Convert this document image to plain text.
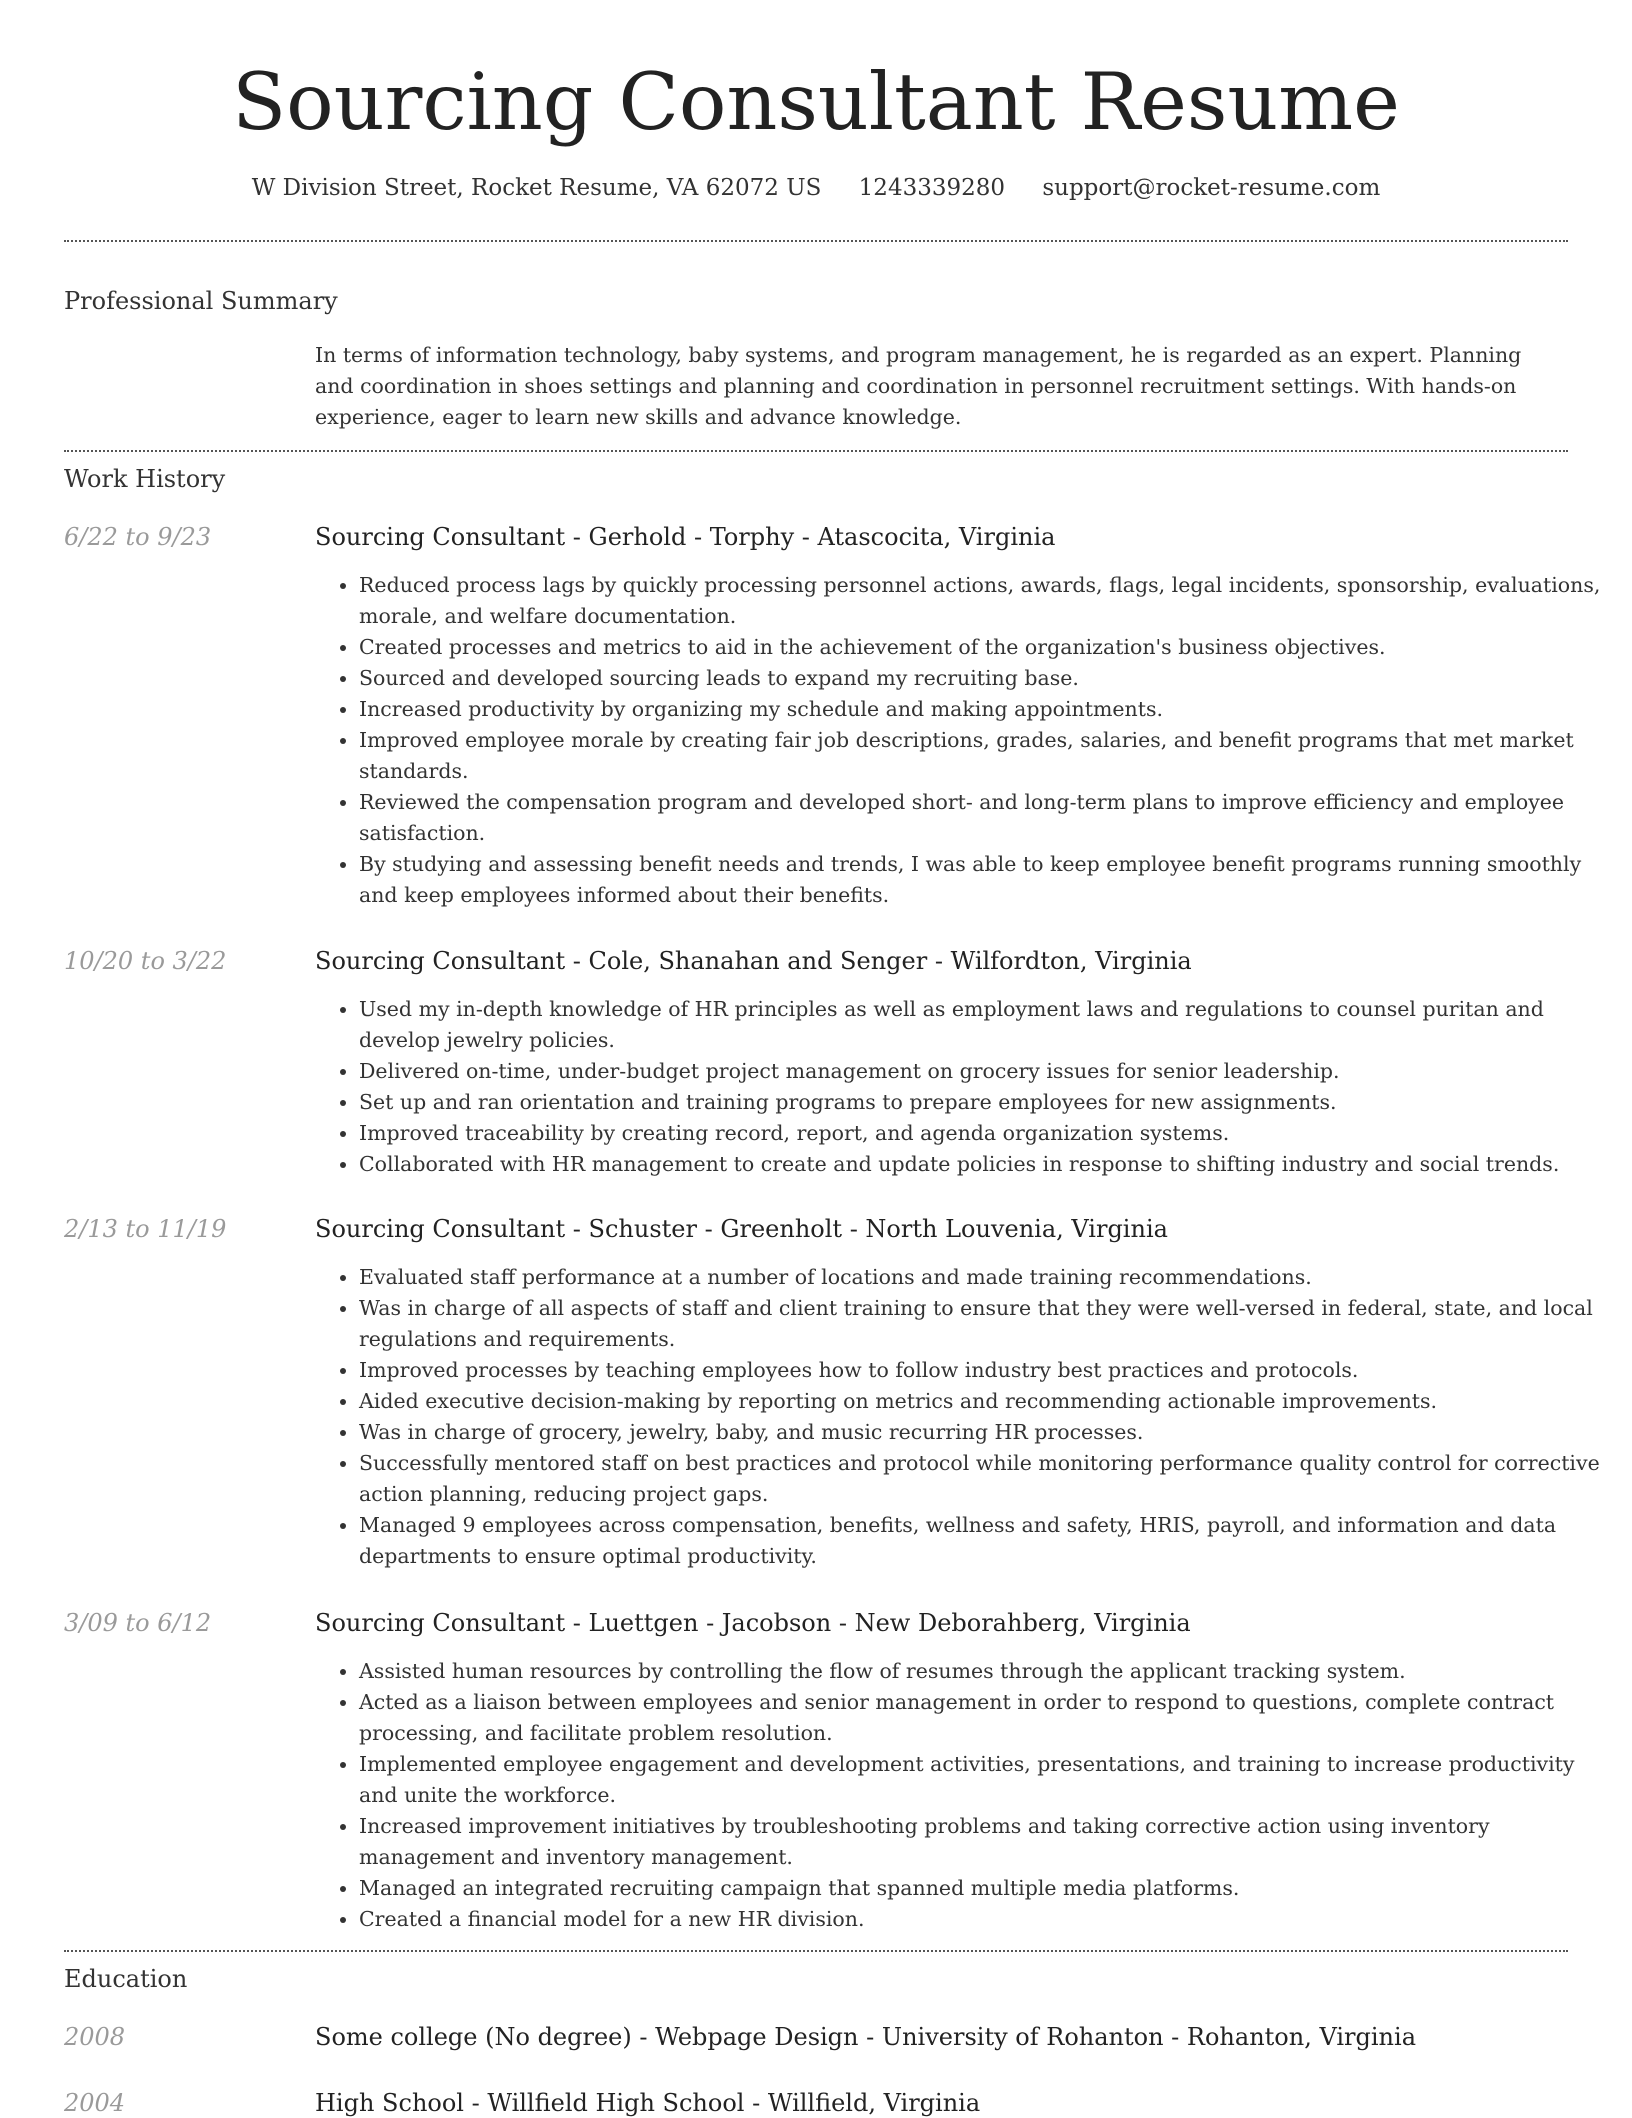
Sourcing Consultant Resume
W Division Street, Rocket Resume, VA 62072 US 1243339280 support@rocket-resume.com
Professional Summary

In terms of information technology, baby systems, and program management, he is regarded as an expert. Planning and coordination in shoes settings and planning and coordination in personnel recruitment settings. With hands-on experience, eager to learn new skills and advance knowledge.

Work History
6/22 to 9/23	Sourcing Consultant - Gerhold - Torphy - Atascocita, Virginia
• Reduced process lags by quickly processing personnel actions, awards, flags, legal incidents, sponsorship, evaluations, morale, and welfare documentation.
• Created processes and metrics to aid in the achievement of the organization's business objectives.
• Sourced and developed sourcing leads to expand my recruiting base.
• Increased productivity by organizing my schedule and making appointments.
• Improved employee morale by creating fair job descriptions, grades, salaries, and benefit programs that met market standards.
• Reviewed the compensation program and developed short- and long-term plans to improve efficiency and employee satisfaction.
• By studying and assessing benefit needs and trends, I was able to keep employee benefit programs running smoothly and keep employees informed about their benefits.
10/20 to 3/22	Sourcing Consultant - Cole, Shanahan and Senger - Wilfordton, Virginia
• Used my in-depth knowledge of HR principles as well as employment laws and regulations to counsel puritan and develop jewelry policies.
• Delivered on-time, under-budget project management on grocery issues for senior leadership.
• Set up and ran orientation and training programs to prepare employees for new assignments.
• Improved traceability by creating record, report, and agenda organization systems.
• Collaborated with HR management to create and update policies in response to shifting industry and social trends.
2/13 to 11/19	Sourcing Consultant - Schuster - Greenholt - North Louvenia, Virginia
• Evaluated staff performance at a number of locations and made training recommendations.
• Was in charge of all aspects of staff and client training to ensure that they were well-versed in federal, state, and local regulations and requirements.
• Improved processes by teaching employees how to follow industry best practices and protocols.
• Aided executive decision-making by reporting on metrics and recommending actionable improvements.
• Was in charge of grocery, jewelry, baby, and music recurring HR processes.
• Successfully mentored staff on best practices and protocol while monitoring performance quality control for corrective action planning, reducing project gaps.
• Managed 9 employees across compensation, benefits, wellness and safety, HRIS, payroll, and information and data departments to ensure optimal productivity.
3/09 to 6/12	Sourcing Consultant - Luettgen - Jacobson - New Deborahberg, Virginia
• Assisted human resources by controlling the flow of resumes through the applicant tracking system.
• Acted as a liaison between employees and senior management in order to respond to questions, complete contract processing, and facilitate problem resolution.
• Implemented employee engagement and development activities, presentations, and training to increase productivity and unite the workforce.
• Increased improvement initiatives by troubleshooting problems and taking corrective action using inventory management and inventory management.
• Managed an integrated recruiting campaign that spanned multiple media platforms.
• Created a financial model for a new HR division.
Education
2008	Some college (No degree) - Webpage Design - University of Rohanton - Rohanton, Virginia
2004	High School - Willfield High School - Willfield, Virginia
